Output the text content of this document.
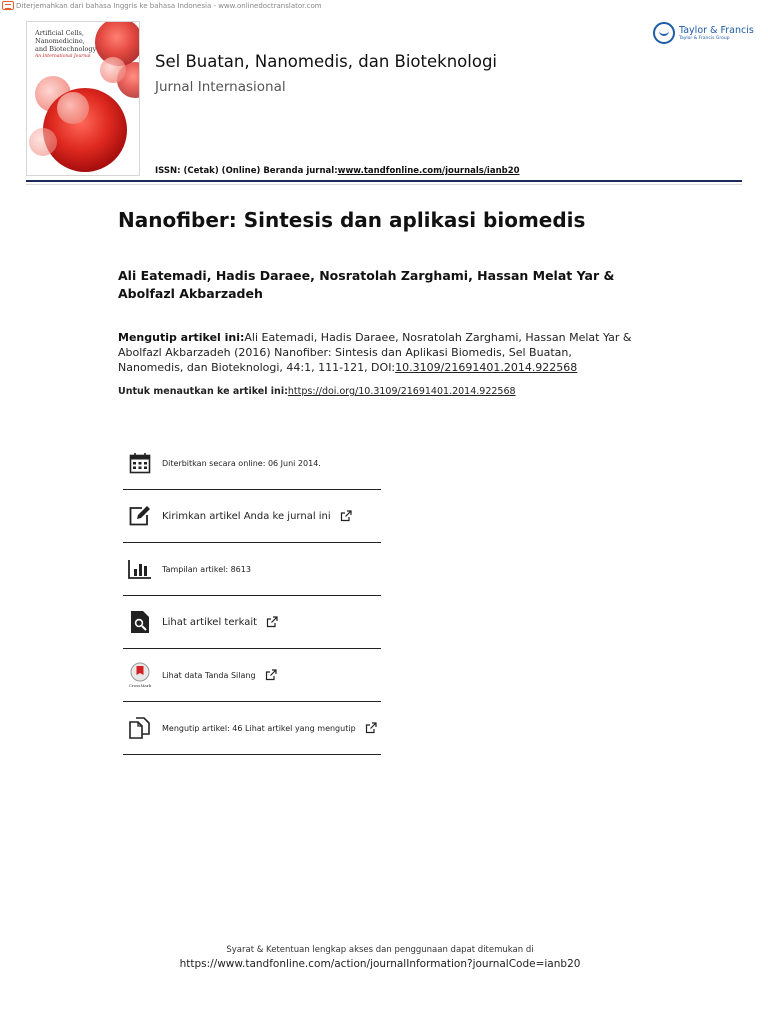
Diterjemahkan dari bahasa Inggris ke bahasa Indonesia - www.onlinedoctranslator.com
Artificial Cells,
Nanomedicine,
and Biotechnology
An International Journal	Sel Buatan, Nanomedis, dan Bioteknologi
Jurnal Internasional
Taylor & Francis
Taylor & Francis Group
ISSN: (Cetak) (Online) Beranda jurnal:www.tandfonline.com/journals/ianb20
Nanofiber: Sintesis dan aplikasi biomedis
Ali Eatemadi, Hadis Daraee, Nosratolah Zarghami, Hassan Melat Yar & Abolfazl Akbarzadeh
Mengutip artikel ini:Ali Eatemadi, Hadis Daraee, Nosratolah Zarghami, Hassan Melat Yar & Abolfazl Akbarzadeh (2016) Nanofiber: Sintesis dan Aplikasi Biomedis, Sel Buatan, Nanomedis, dan Bioteknologi, 44:1, 111-121, DOI:10.3109/21691401.2014.922568
Untuk menautkan ke artikel ini:https://doi.org/10.3109/21691401.2014.922568
Diterbitkan secara online: 06 Juni 2014.
Kirimkan artikel Anda ke jurnal ini
Tampilan artikel: 8613
Lihat artikel terkait
CrossMark
Lihat data Tanda Silang
Mengutip artikel: 46 Lihat artikel yang mengutip
Syarat & Ketentuan lengkap akses dan penggunaan dapat ditemukan di
https://www.tandfonline.com/action/journalInformation?journalCode=ianb20
